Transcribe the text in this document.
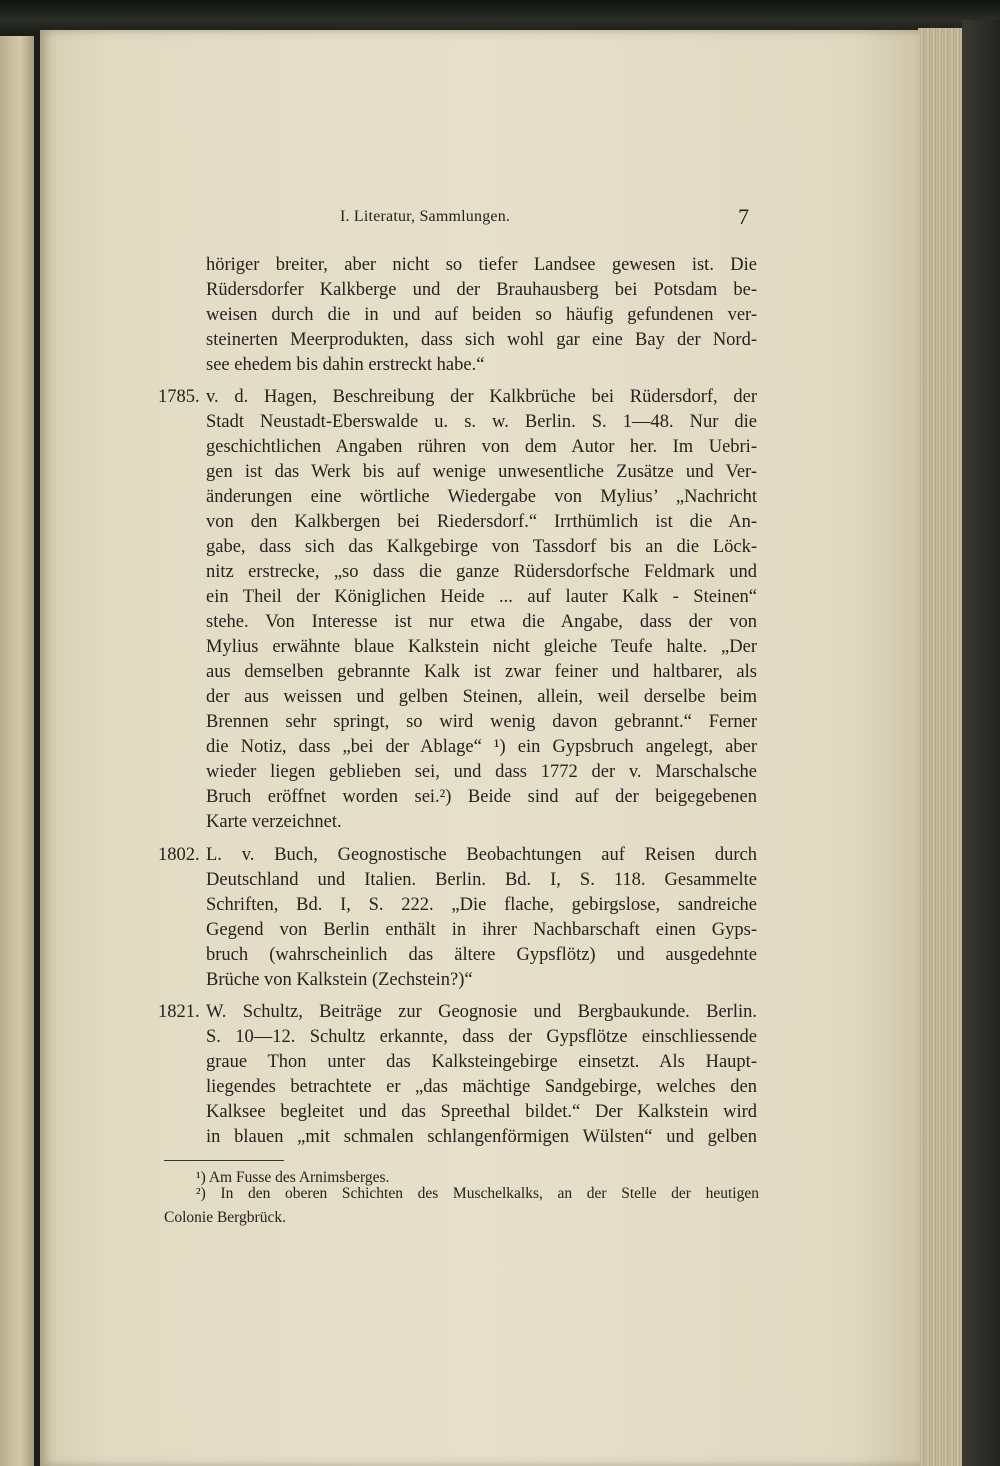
I. Literatur, Sammlungen.	7
höriger breiter, aber nicht so tiefer Landsee gewesen ist. Die
Rüdersdorfer Kalkberge und der Brauhausberg bei Potsdam be-
weisen durch die in und auf beiden so häufig gefundenen ver-
steinerten Meerprodukten, dass sich wohl gar eine Bay der Nord-
see ehedem bis dahin erstreckt habe.“
1785. v. d. Hagen, Beschreibung der Kalkbrüche bei Rüdersdorf, der
Stadt Neustadt-Eberswalde u. s. w. Berlin. S. 1—48. Nur die
geschichtlichen Angaben rühren von dem Autor her. Im Uebri-
gen ist das Werk bis auf wenige unwesentliche Zusätze und Ver-
änderungen eine wörtliche Wiedergabe von Mylius’ „Nachricht
von den Kalkbergen bei Riedersdorf.“ Irrthümlich ist die An-
gabe, dass sich das Kalkgebirge von Tassdorf bis an die Löck-
nitz erstrecke, „so dass die ganze Rüdersdorfsche Feldmark und
ein Theil der Königlichen Heide ... auf lauter Kalk - Steinen“
stehe. Von Interesse ist nur etwa die Angabe, dass der von
Mylius erwähnte blaue Kalkstein nicht gleiche Teufe halte. „Der
aus demselben gebrannte Kalk ist zwar feiner und haltbarer, als
der aus weissen und gelben Steinen, allein, weil derselbe beim
Brennen sehr springt, so wird wenig davon gebrannt.“ Ferner
die Notiz, dass „bei der Ablage“ ¹) ein Gypsbruch angelegt, aber
wieder liegen geblieben sei, und dass 1772 der v. Marschalsche
Bruch eröffnet worden sei.²) Beide sind auf der beigegebenen
Karte verzeichnet.
1802. L. v. Buch, Geognostische Beobachtungen auf Reisen durch
Deutschland und Italien. Berlin. Bd. I, S. 118. Gesammelte
Schriften, Bd. I, S. 222. „Die flache, gebirgslose, sandreiche
Gegend von Berlin enthält in ihrer Nachbarschaft einen Gyps-
bruch (wahrscheinlich das ältere Gypsflötz) und ausgedehnte
Brüche von Kalkstein (Zechstein?)“
1821. W. Schultz, Beiträge zur Geognosie und Bergbaukunde. Berlin.
S. 10—12. Schultz erkannte, dass der Gypsflötze einschliessende
graue Thon unter das Kalksteingebirge einsetzt. Als Haupt-
liegendes betrachtete er „das mächtige Sandgebirge, welches den
Kalksee begleitet und das Spreethal bildet.“ Der Kalkstein wird
in blauen „mit schmalen schlangenförmigen Wülsten“ und gelben
¹) Am Fusse des Arnimsberges.
²) In den oberen Schichten des Muschelkalks, an der Stelle der heutigen
Colonie Bergbrück.
